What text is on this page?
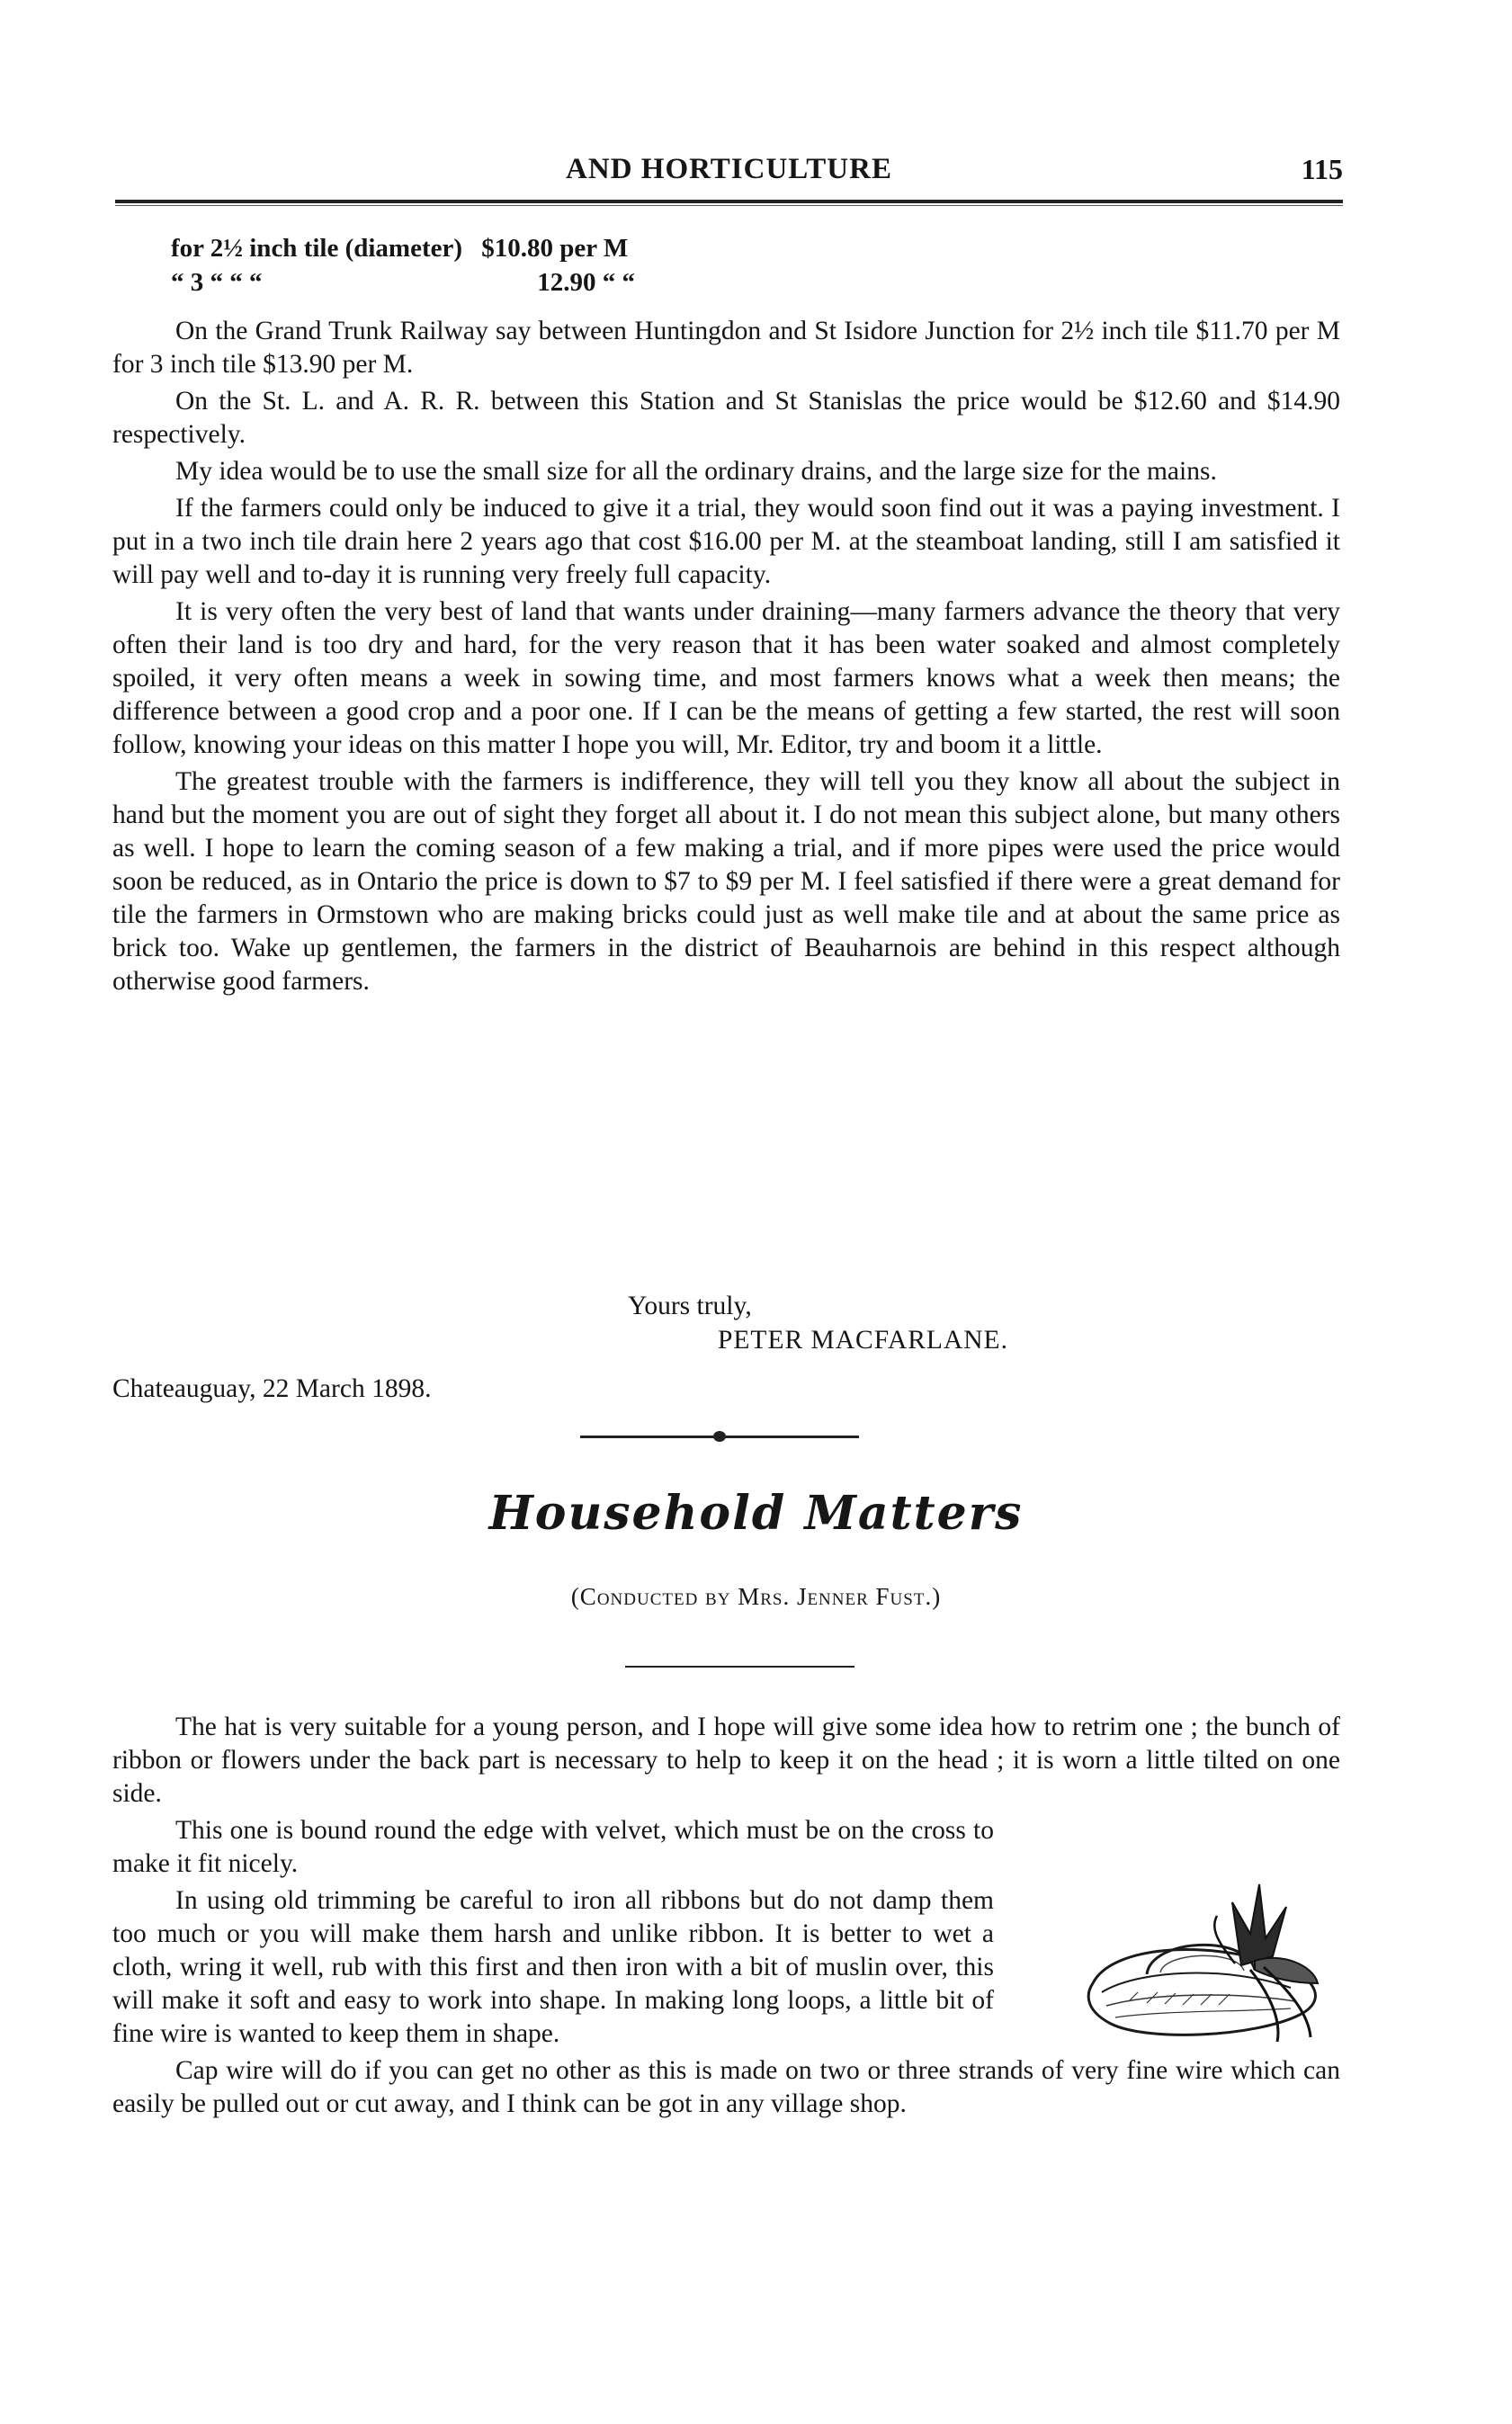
AND HORTICULTURE	115
for 2½ inch tile (diameter) $10.80 per M
“ 3 “ “ “	12.90 “ “

On the Grand Trunk Railway say between Huntingdon and St Isidore Junction for 2½ inch tile $11.70 per M for 3 inch tile $13.90 per M.

On the St. L. and A. R. R. between this Station and St Stanislas the price would be $12.60 and $14.90 respectively.

My idea would be to use the small size for all the ordinary drains, and the large size for the mains.

If the farmers could only be induced to give it a trial, they would soon find out it was a paying investment. I put in a two inch tile drain here 2 years ago that cost $16.00 per M. at the steamboat landing, still I am satisfied it will pay well and to-day it is running very freely full capacity.

It is very often the very best of land that wants under draining—many farmers advance the theory that very often their land is too dry and hard, for the very reason that it has been water soaked and almost completely spoiled, it very often means a week in sowing time, and most farmers knows what a week then means; the difference between a good crop and a poor one. If I can be the means of getting a few started, the rest will soon follow, knowing your ideas on this matter I hope you will, Mr. Editor, try and boom it a little.

The greatest trouble with the farmers is indifference, they will tell you they know all about the subject in hand but the moment you are out of sight they forget all about it. I do not mean this subject alone, but many others as well. I hope to learn the coming season of a few making a trial, and if more pipes were used the price would soon be reduced, as in Ontario the price is down to $7 to $9 per M. I feel satisfied if there were a great demand for tile the farmers in Ormstown who are making bricks could just as well make tile and at about the same price as brick too. Wake up gentlemen, the farmers in the district of Beauharnois are behind in this respect although otherwise good farmers.

Yours truly,
PETER MACFARLANE.
Chateauguay, 22 March 1898.
Household Matters
(Conducted by Mrs. Jenner Fust.)

The hat is very suitable for a young person, and I hope will give some idea how to retrim one ; the bunch of ribbon or flowers under the back part is necessary to help to keep it on the head ; it is worn a little tilted on one side.

This one is bound round the edge with velvet, which must be on the cross to make it fit nicely.

In using old trimming be careful to iron all ribbons but do not damp them too much or you will make them harsh and unlike ribbon. It is better to wet a cloth, wring it well, rub with this first and then iron with a bit of muslin over, this will make it soft and easy to work into shape. In making long loops, a little bit of fine wire is wanted to keep them in shape.

Cap wire will do if you can get no other as this is made on two or three strands of very fine wire which can easily be pulled out or cut away, and I think can be got in any village shop.
